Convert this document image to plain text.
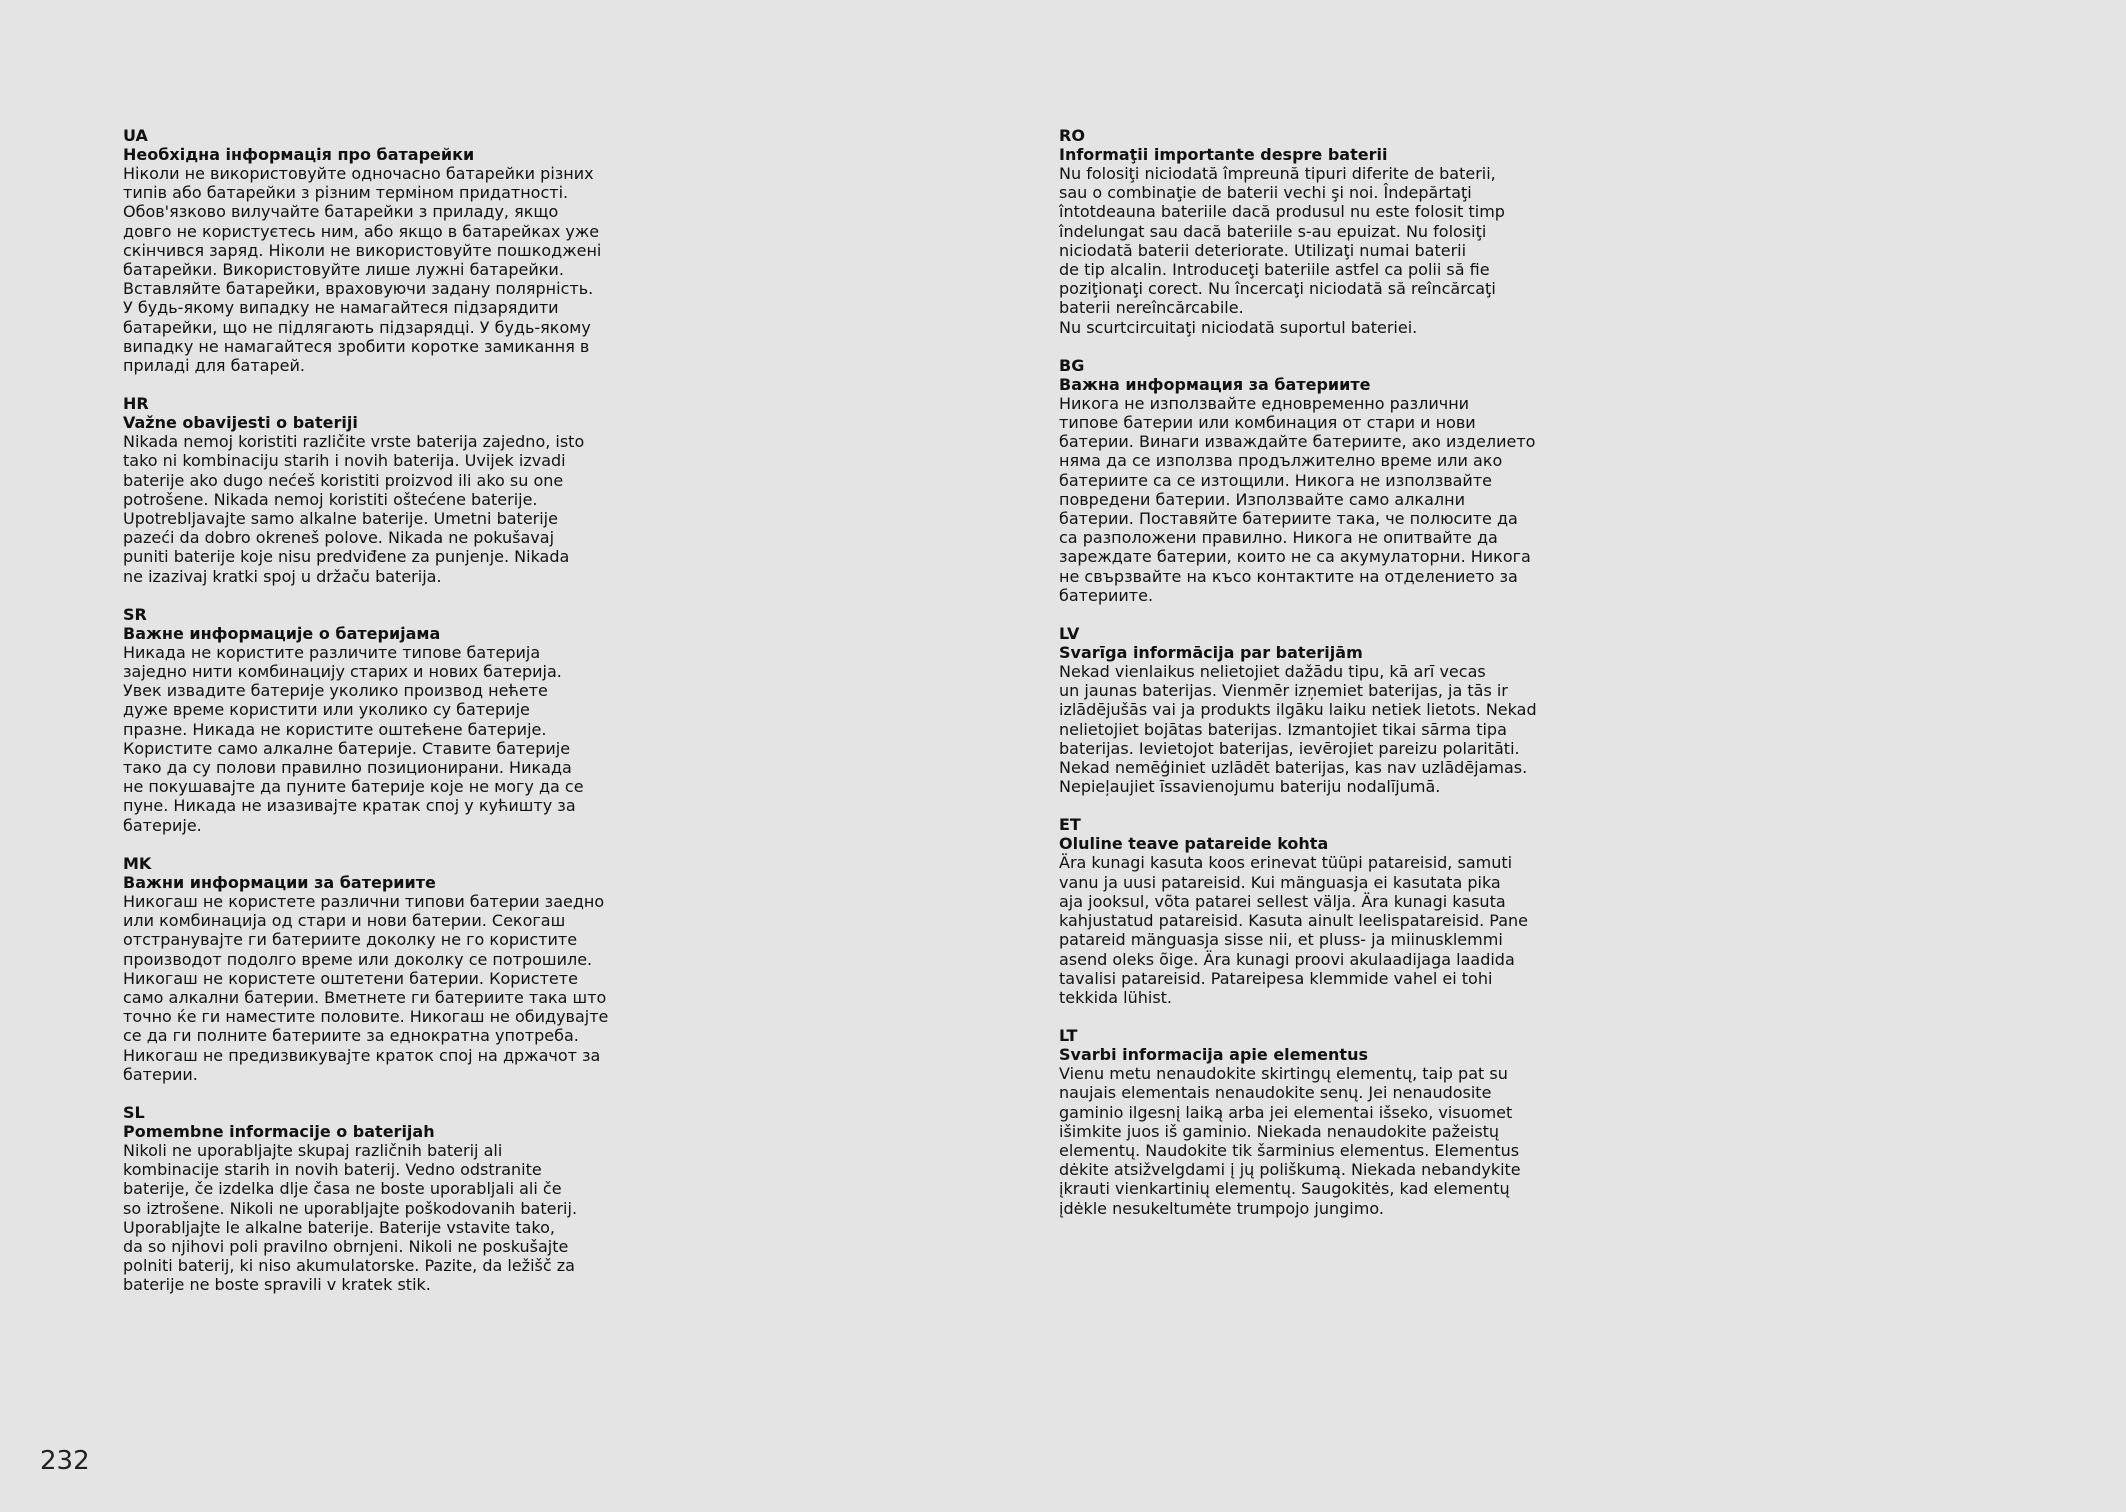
UA
Необхідна інформація про батарейки
Ніколи не використовуйте одночасно батарейки різних
типів або батарейки з різним терміном придатності.
Обов'язково вилучайте батарейки з приладу, якщо
довго не користуєтесь ним, або якщо в батарейках уже
скінчився заряд. Ніколи не використовуйте пошкоджені
батарейки. Використовуйте лише лужні батарейки.
Вставляйте батарейки, враховуючи задану полярність.
У будь-якому випадку не намагайтеся підзарядити
батарейки, що не підлягають підзарядці. У будь-якому
випадку не намагайтеся зробити коротке замикання в
приладі для батарей.
HR
Važne obavijesti o bateriji
Nikada nemoj koristiti različite vrste baterija zajedno, isto
tako ni kombinaciju starih i novih baterija. Uvijek izvadi
baterije ako dugo nećeš koristiti proizvod ili ako su one
potrošene. Nikada nemoj koristiti oštećene baterije.
Upotrebljavajte samo alkalne baterije. Umetni baterije
pazeći da dobro okreneš polove. Nikada ne pokušavaj
puniti baterije koje nisu predviđene za punjenje. Nikada
ne izazivaj kratki spoj u držaču baterija.
SR
Важне информације о батеријама
Никада не користите различите типове батерија
заједно нити комбинацију старих и нових батерија.
Увек извадите батерије уколико производ нећете
дуже време користити или уколико су батерије
празне. Никада не користите оштећене батерије.
Користите само алкалне батерије. Ставите батерије
тако да су полови правилно позиционирани. Никада
не покушавајте да пуните батерије које не могу да се
пуне. Никада не изазивајте кратак спој у кућишту за
батерије.
MK
Важни информации за батериите
Никогаш не користете различни типови батерии заедно
или комбинација од стари и нови батерии. Секогаш
отстранувајте ги батериите доколку не го користите
производот подолго време или доколку се потрошиле.
Никогаш не користете оштетени батерии. Користете
само алкални батерии. Вметнете ги батериите така што
точно ќе ги наместите половите. Никогаш не обидувајте
се да ги полните батериите за еднократна употреба.
Никогаш не предизвикувајте краток спој на држачот за
батерии.
SL
Pomembne informacije o baterijah
Nikoli ne uporabljajte skupaj različnih baterij ali
kombinacije starih in novih baterij. Vedno odstranite
baterije, če izdelka dlje časa ne boste uporabljali ali če
so iztrošene. Nikoli ne uporabljajte poškodovanih baterij.
Uporabljajte le alkalne baterije. Baterije vstavite tako,
da so njihovi poli pravilno obrnjeni. Nikoli ne poskušajte
polniti baterij, ki niso akumulatorske. Pazite, da ležišč za
baterije ne boste spravili v kratek stik.
RO
Informaţii importante despre baterii
Nu folosiţi niciodată împreună tipuri diferite de baterii,
sau o combinaţie de baterii vechi şi noi. Îndepărtaţi
întotdeauna bateriile dacă produsul nu este folosit timp
îndelungat sau dacă bateriile s-au epuizat. Nu folosiţi
niciodată baterii deteriorate. Utilizaţi numai baterii
de tip alcalin. Introduceţi bateriile astfel ca polii să fie
poziţionaţi corect. Nu încercaţi niciodată să reîncărcaţi
baterii nereîncărcabile.
Nu scurtcircuitaţi niciodată suportul bateriei.
BG
Важна информация за батериите
Никога не използвайте едновременно различни
типове батерии или комбинация от стари и нови
батерии. Винаги изваждайте батериите, ако изделието
няма да се използва продължително време или ако
батериите са се изтощили. Никога не използвайте
повредени батерии. Използвайте само алкални
батерии. Поставяйте батериите така, че полюсите да
са разположени правилно. Никога не опитвайте да
зареждате батерии, които не са акумулаторни. Никога
не свързвайте на късо контактите на отделението за
батериите.
LV
Svarīga informācija par baterijām
Nekad vienlaikus nelietojiet dažādu tipu, kā arī vecas
un jaunas baterijas. Vienmēr izņemiet baterijas, ja tās ir
izlādējušās vai ja produkts ilgāku laiku netiek lietots. Nekad
nelietojiet bojātas baterijas. Izmantojiet tikai sārma tipa
baterijas. Ievietojot baterijas, ievērojiet pareizu polaritāti.
Nekad nemēģiniet uzlādēt baterijas, kas nav uzlādējamas.
Nepieļaujiet īssavienojumu bateriju nodalījumā.
ET
Oluline teave patareide kohta
Ära kunagi kasuta koos erinevat tüüpi patareisid, samuti
vanu ja uusi patareisid. Kui mänguasja ei kasutata pika
aja jooksul, võta patarei sellest välja. Ära kunagi kasuta
kahjustatud patareisid. Kasuta ainult leelispatareisid. Pane
patareid mänguasja sisse nii, et pluss- ja miinusklemmi
asend oleks õige. Ära kunagi proovi akulaadijaga laadida
tavalisi patareisid. Patareipesa klemmide vahel ei tohi
tekkida lühist.
LT
Svarbi informacija apie elementus
Vienu metu nenaudokite skirtingų elementų, taip pat su
naujais elementais nenaudokite senų. Jei nenaudosite
gaminio ilgesnį laiką arba jei elementai išseko, visuomet
išimkite juos iš gaminio. Niekada nenaudokite pažeistų
elementų. Naudokite tik šarminius elementus. Elementus
dėkite atsižvelgdami į jų poliškumą. Niekada nebandykite
įkrauti vienkartinių elementų. Saugokitės, kad elementų
įdėkle nesukeltumėte trumpojo jungimo.
232
